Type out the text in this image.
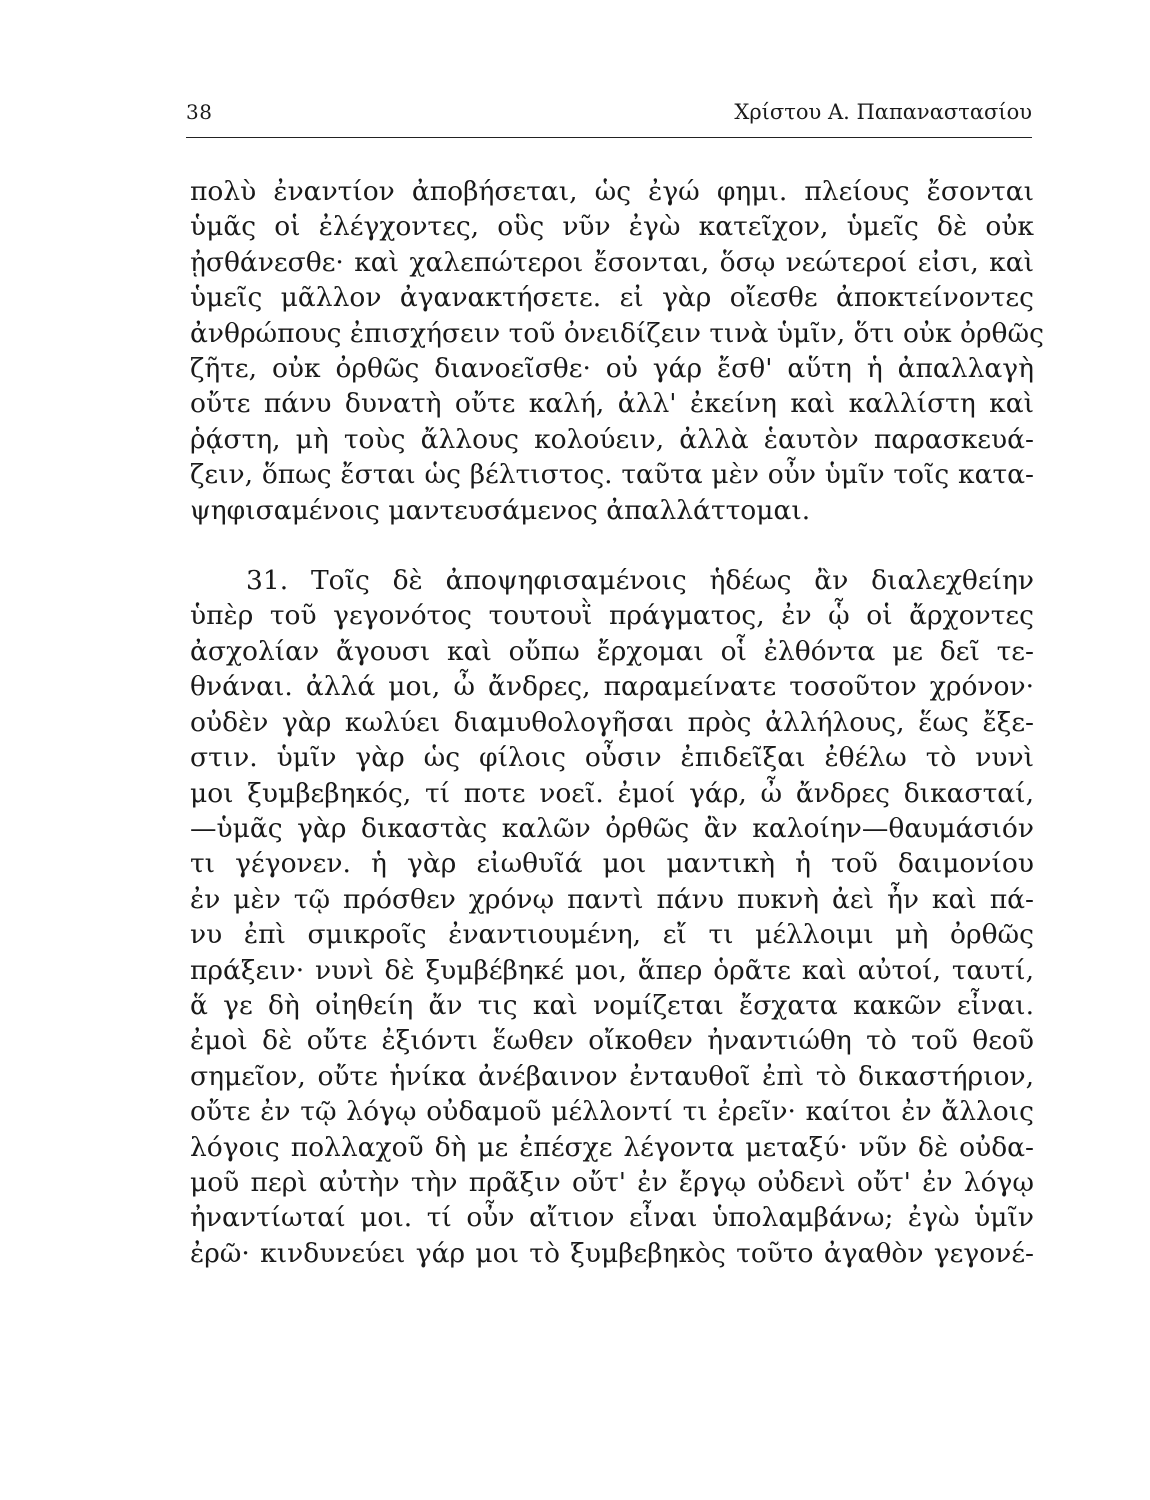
38	Χρίστου Α. Παπαναστασίου
πολὺ ἐναντίον ἀποβήσεται, ὡς ἐγώ φημι. πλείους ἔσονται
ὑμᾶς οἱ ἐλέγχοντες, οὓς νῦν ἐγὼ κατεῖχον, ὑμεῖς δὲ οὐκ
ᾐσθάνεσθε· καὶ χαλεπώτεροι ἔσονται, ὅσῳ νεώτεροί εἰσι, καὶ
ὑμεῖς μᾶλλον ἀγανακτήσετε. εἰ γὰρ οἴεσθε ἀποκτείνοντες
ἀνθρώπους ἐπισχήσειν τοῦ ὀνειδίζειν τινὰ ὑμῖν, ὅτι οὐκ ὀρθῶς
ζῆτε, οὐκ ὀρθῶς διανοεῖσθε· οὐ γάρ ἔσθ' αὕτη ἡ ἀπαλλαγὴ
οὔτε πάνυ δυνατὴ οὔτε καλή, ἀλλ' ἐκείνη καὶ καλλίστη καὶ
ῥᾴστη, μὴ τοὺς ἄλλους κολούειν, ἀλλὰ ἑαυτὸν παρασκευά-
ζειν, ὅπως ἔσται ὡς βέλτιστος. ταῦτα μὲν οὖν ὑμῖν τοῖς κατα-
ψηφισαμένοις μαντευσάμενος ἀπαλλάττομαι.
31. Τοῖς δὲ ἀποψηφισαμένοις ἡδέως ἂν διαλεχθείην
ὑπὲρ τοῦ γεγονότος τουτουῒ πράγματος, ἐν ᾧ οἱ ἄρχοντες
ἀσχολίαν ἄγουσι καὶ οὔπω ἔρχομαι οἷ ἐλθόντα με δεῖ τε-
θνάναι. ἀλλά μοι, ὦ ἄνδρες, παραμείνατε τοσοῦτον χρόνον·
οὐδὲν γὰρ κωλύει διαμυθολογῆσαι πρὸς ἀλλήλους, ἕως ἔξε-
στιν. ὑμῖν γὰρ ὡς φίλοις οὖσιν ἐπιδεῖξαι ἐθέλω τὸ νυνὶ
μοι ξυμβεβηκός, τί ποτε νοεῖ. ἐμοί γάρ, ὦ ἄνδρες δικασταί,
—ὑμᾶς γὰρ δικαστὰς καλῶν ὀρθῶς ἂν καλοίην—θαυμάσιόν
τι γέγονεν. ἡ γὰρ εἰωθυῖά μοι μαντικὴ ἡ τοῦ δαιμονίου
ἐν μὲν τῷ πρόσθεν χρόνῳ παντὶ πάνυ πυκνὴ ἀεὶ ἦν καὶ πά-
νυ ἐπὶ σμικροῖς ἐναντιουμένη, εἴ τι μέλλοιμι μὴ ὀρθῶς
πράξειν· νυνὶ δὲ ξυμβέβηκέ μοι, ἅπερ ὁρᾶτε καὶ αὐτοί, ταυτί,
ἅ γε δὴ οἰηθείη ἄν τις καὶ νομίζεται ἔσχατα κακῶν εἶναι.
ἐμοὶ δὲ οὔτε ἐξιόντι ἕωθεν οἴκοθεν ἠναντιώθη τὸ τοῦ θεοῦ
σημεῖον, οὔτε ἡνίκα ἀνέβαινον ἐνταυθοῖ ἐπὶ τὸ δικαστήριον,
οὔτε ἐν τῷ λόγῳ οὐδαμοῦ μέλλοντί τι ἐρεῖν· καίτοι ἐν ἄλλοις
λόγοις πολλαχοῦ δὴ με ἐπέσχε λέγοντα μεταξύ· νῦν δὲ οὐδα-
μοῦ περὶ αὐτὴν τὴν πρᾶξιν οὔτ' ἐν ἔργῳ οὐδενὶ οὔτ' ἐν λόγῳ
ἠναντίωταί μοι. τί οὖν αἴτιον εἶναι ὑπολαμβάνω; ἐγὼ ὑμῖν
ἐρῶ· κινδυνεύει γάρ μοι τὸ ξυμβεβηκὸς τοῦτο ἀγαθὸν γεγονέ-
